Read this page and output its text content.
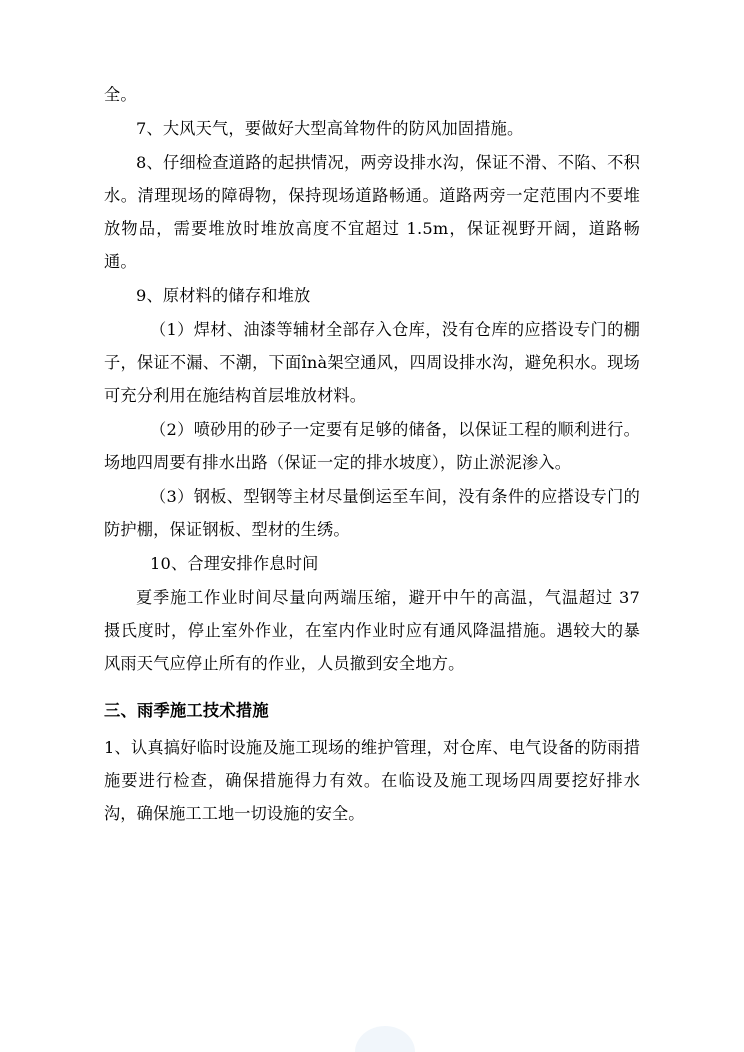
全。

7、大风天气，要做好大型高耸物件的防风加固措施。

8、仔细检查道路的起拱情况，两旁设排水沟，保证不滑、不陷、不积水。清理现场的障碍物，保持现场道路畅通。道路两旁一定范围内不要堆放物品，需要堆放时堆放高度不宜超过 1.5m，保证视野开阔，道路畅通。

9、原材料的储存和堆放

（1）焊材、油漆等辅材全部存入仓库，没有仓库的应搭设专门的棚子，保证不漏、不潮，下面înà架空通风，四周设排水沟，避免积水。现场可充分利用在施结构首层堆放材料。

（2）喷砂用的砂子一定要有足够的储备，以保证工程的顺利进行。场地四周要有排水出路（保证一定的排水坡度），防止淤泥渗入。

（3）钢板、型钢等主材尽量倒运至车间，没有条件的应搭设专门的防护棚，保证钢板、型材的生绣。

10、合理安排作息时间

夏季施工作业时间尽量向两端压缩，避开中午的高温，气温超过 37 摄氏度时，停止室外作业，在室内作业时应有通风降温措施。遇较大的暴风雨天气应停止所有的作业，人员撤到安全地方。

三、雨季施工技术措施

1、认真搞好临时设施及施工现场的维护管理，对仓库、电气设备的防雨措施要进行检查，确保措施得力有效。在临设及施工现场四周要挖好排水沟，确保施工工地一切设施的安全。
